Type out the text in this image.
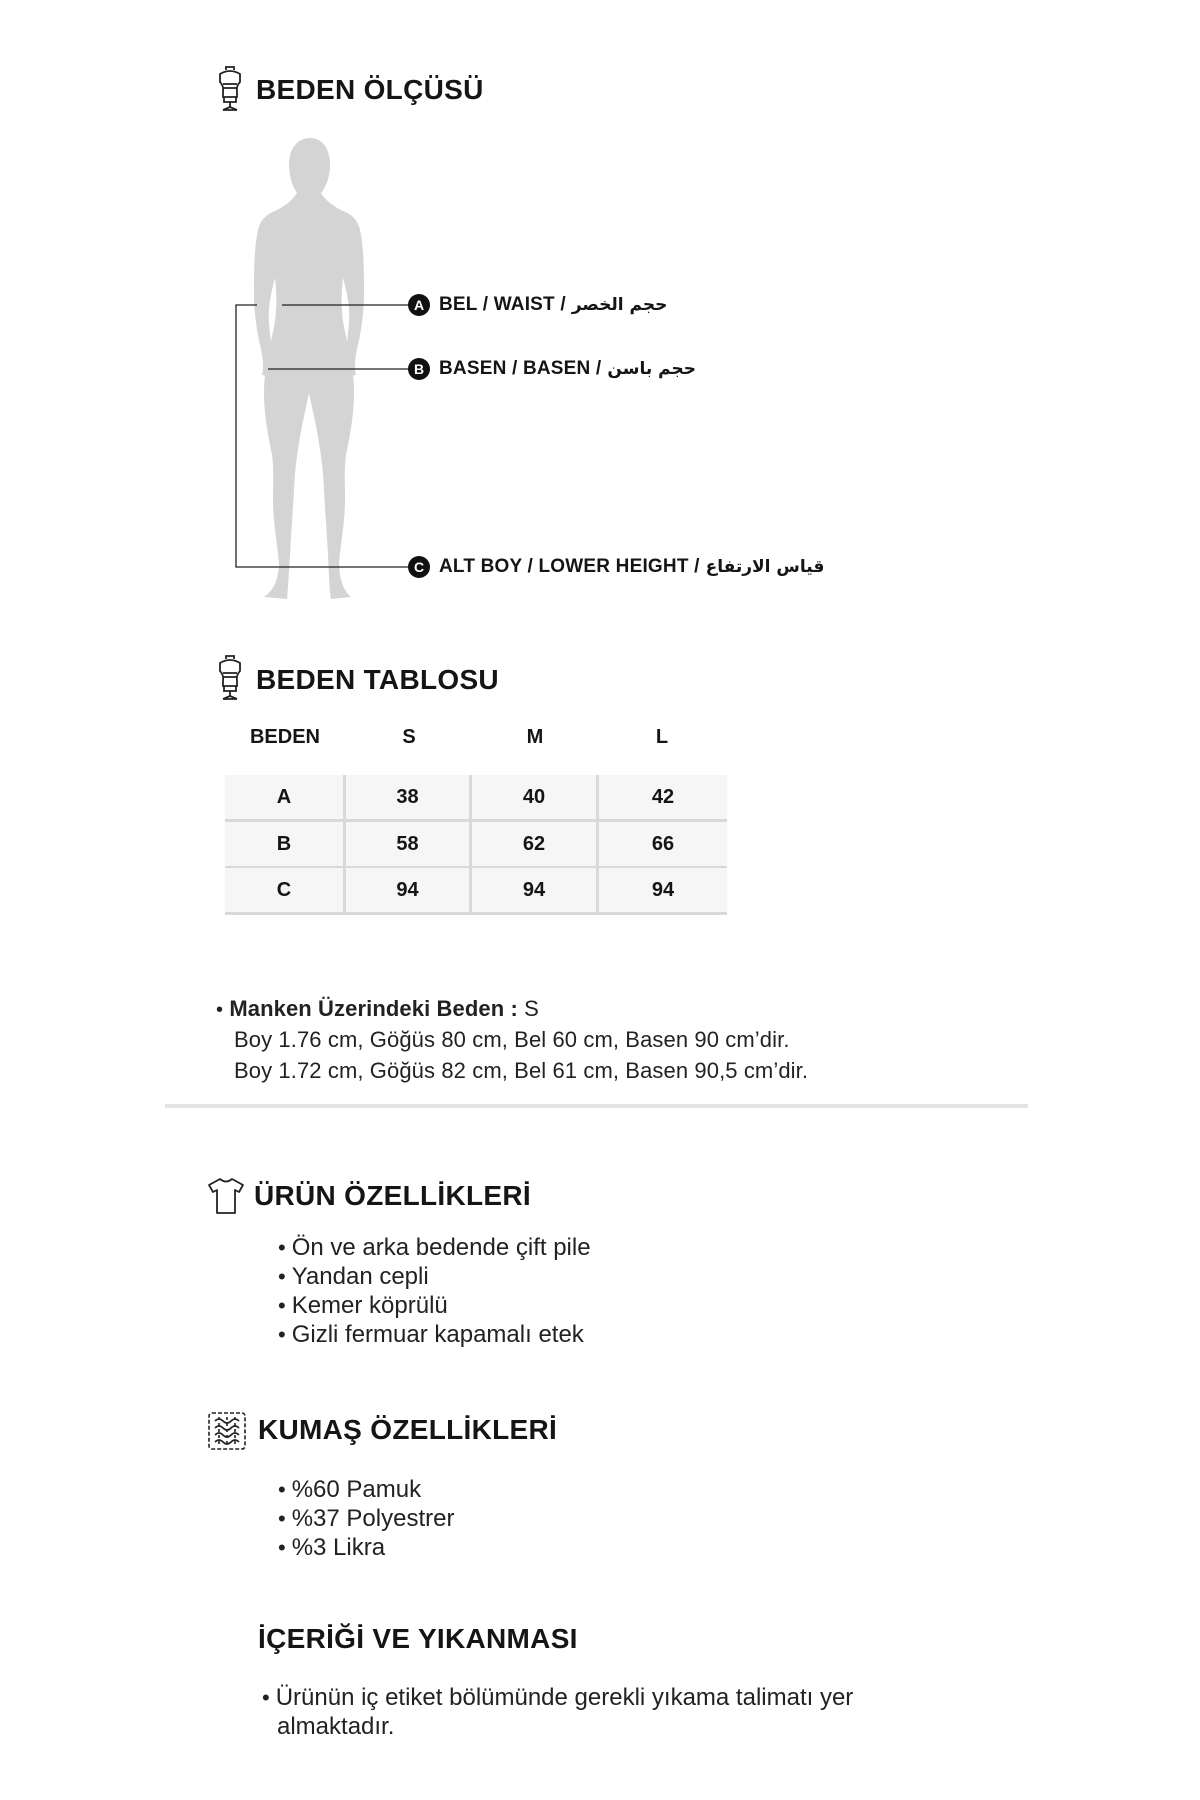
BEDEN ÖLÇÜSÜ
A BEL / WAIST / حجم الخصر
B BASEN / BASEN / حجم باسن
C ALT BOY / LOWER HEIGHT / قياس الارتفاع
BEDEN TABLOSU
BEDEN	S	M	L
A	38	40	42
B	58	62	66
C	94	94	94
• Manken Üzerindeki Beden : S
Boy 1.76 cm, Göğüs 80 cm, Bel 60 cm, Basen 90 cm’dir.
Boy 1.72 cm, Göğüs 82 cm, Bel 61 cm, Basen 90,5 cm’dir.
ÜRÜN ÖZELLİKLERİ
• Ön ve arka bedende çift pile
• Yandan cepli
• Kemer köprülü
• Gizli fermuar kapamalı etek
KUMAŞ ÖZELLİKLERİ
• %60 Pamuk
• %37 Polyestrer
• %3 Likra
İÇERİĞİ VE YIKANMASI
• Ürünün iç etiket bölümünde gerekli yıkama talimatı yer
almaktadır.
